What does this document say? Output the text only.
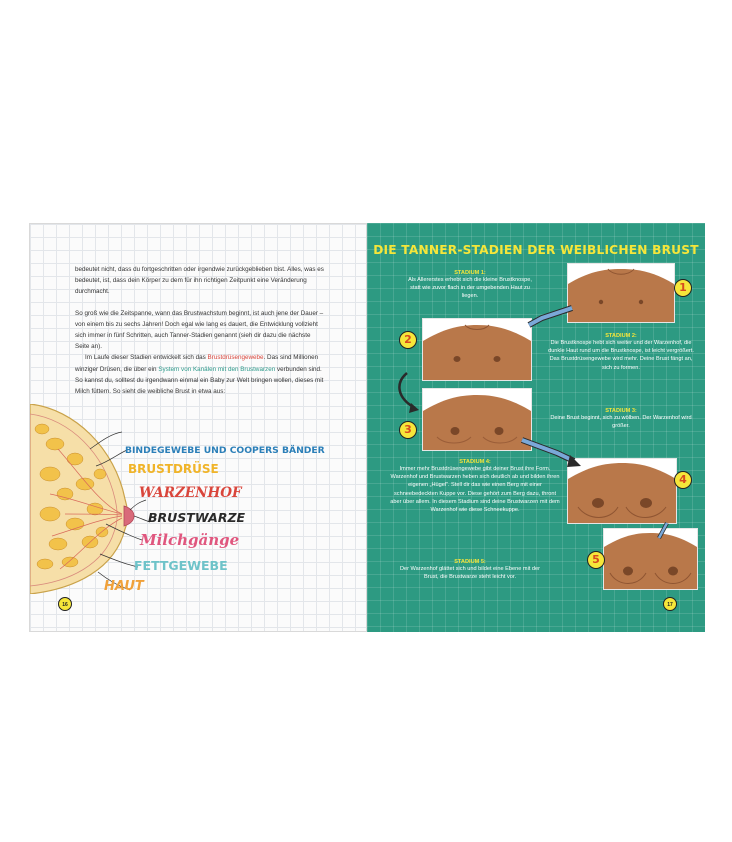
bedeutet nicht, dass du fortgeschritten oder irgendwie zurückgeblieben bist. Alles, was es bedeutet, ist, dass dein Körper zu dem für ihn richtigen Zeitpunkt eine Veränderung durchmacht.

So groß wie die Zeitspanne, wann das Brustwachstum beginnt, ist auch jene der Dauer – von einem bis zu sechs Jahren! Doch egal wie lang es dauert, die Entwicklung vollzieht sich immer in fünf Schritten, auch Tanner-Stadien genannt (sieh dir dazu die nächste Seite an).

Im Laufe dieser Stadien entwickelt sich das Brustdrüsengewebe. Das sind Millionen winziger Drüsen, die über ein System von Kanälen mit den Brustwarzen verbunden sind. So kannst du, solltest du irgendwann einmal ein Baby zur Welt bringen wollen, dieses mit Milch füttern. So sieht die weibliche Brust in etwa aus:

BINDEGEWEBE UND COOPERS BÄNDER
BRUSTDRÜSE
WARZENHOF
BRUSTWARZE
Milchgänge
FETTGEWEBE
HAUT
16
DIE TANNER-STADIEN DER WEIBLICHEN BRUST
STADIUM 1:
Als Allererstes erhebt sich die kleine Brustknospe, statt wie zuvor flach in der umgebenden Haut zu liegen.
STADIUM 2:
Die Brustknospe hebt sich weiter und der Warzenhof, die dunkle Haut rund um die Brustknospe, ist leicht vergrößert. Das Brustdrüsengewebe wird mehr. Deine Brust fängt an, sich zu formen.
STADIUM 3:
Deine Brust beginnt, sich zu wölben. Der Warzenhof wird größer.
STADIUM 4:
Immer mehr Brustdrüsengewebe gibt deiner Brust ihre Form. Warzenhof und Brustwarzen heben sich deutlich ab und bilden ihren eigenen „Hügel“. Stell dir das wie einen Berg mit einer schneebedeckten Kuppe vor. Diese gehört zum Berg dazu, thront aber über allem. In diesem Stadium sind deine Brustwarzen mit dem Warzenhof wie diese Schneekuppe.
STADIUM 5:
Der Warzenhof glättet sich und bildet eine Ebene mit der Brust, die Brustwarze steht leicht vor.
1
2
3
4
5
17
